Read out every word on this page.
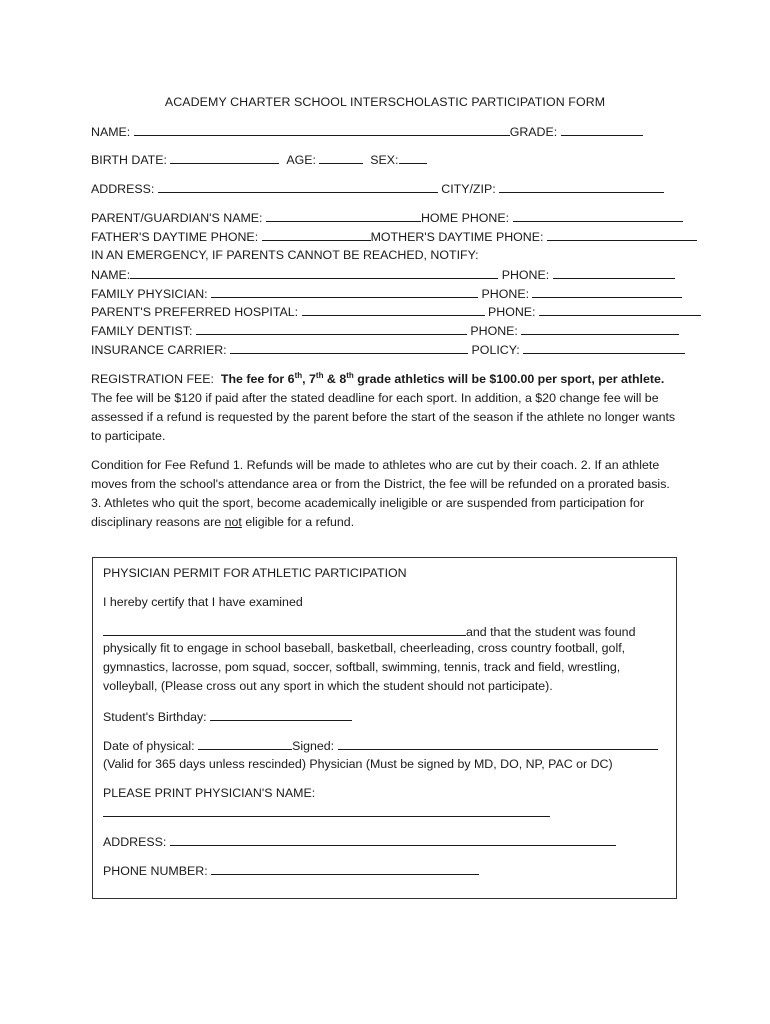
ACADEMY CHARTER SCHOOL INTERSCHOLASTIC PARTICIPATION FORM
NAME:	GRADE:
BIRTH DATE:	AGE:	SEX:
ADDRESS:	CITY/ZIP:
PARENT/GUARDIAN'S NAME:	HOME PHONE:
FATHER'S DAYTIME PHONE:	MOTHER'S DAYTIME PHONE:
IN AN EMERGENCY, IF PARENTS CANNOT BE REACHED, NOTIFY:
NAME:	PHONE:
FAMILY PHYSICIAN:	PHONE:
PARENT'S PREFERRED HOSPITAL:	PHONE:
FAMILY DENTIST:	PHONE:
INSURANCE CARRIER:	POLICY:
REGISTRATION FEE: The fee for 6th, 7th & 8th grade athletics will be $100.00 per sport, per athlete.  The fee will be $120 if paid after the stated deadline for each sport. In addition, a $20 change fee will be assessed if a refund is requested by the parent before the start of the season if the athlete no longer wants to participate.
Condition for Fee Refund 1. Refunds will be made to athletes who are cut by their coach. 2. If an athlete moves from the school's attendance area or from the District, the fee will be refunded on a prorated basis. 3. Athletes who quit the sport, become academically ineligible or are suspended from participation for disciplinary reasons are not eligible for a refund.
PHYSICIAN PERMIT FOR ATHLETIC PARTICIPATION
I hereby certify that I have examined
and that the student was found
physically fit to engage in school baseball, basketball, cheerleading, cross country football, golf, gymnastics, lacrosse, pom squad, soccer, softball, swimming, tennis, track and field, wrestling, volleyball, (Please cross out any sport in which the student should not participate).
Student's Birthday:
Date of physical:	Signed:
(Valid for 365 days unless rescinded) Physician (Must be signed by MD, DO, NP, PAC or DC)
PLEASE PRINT PHYSICIAN'S NAME:
ADDRESS:
PHONE NUMBER:
